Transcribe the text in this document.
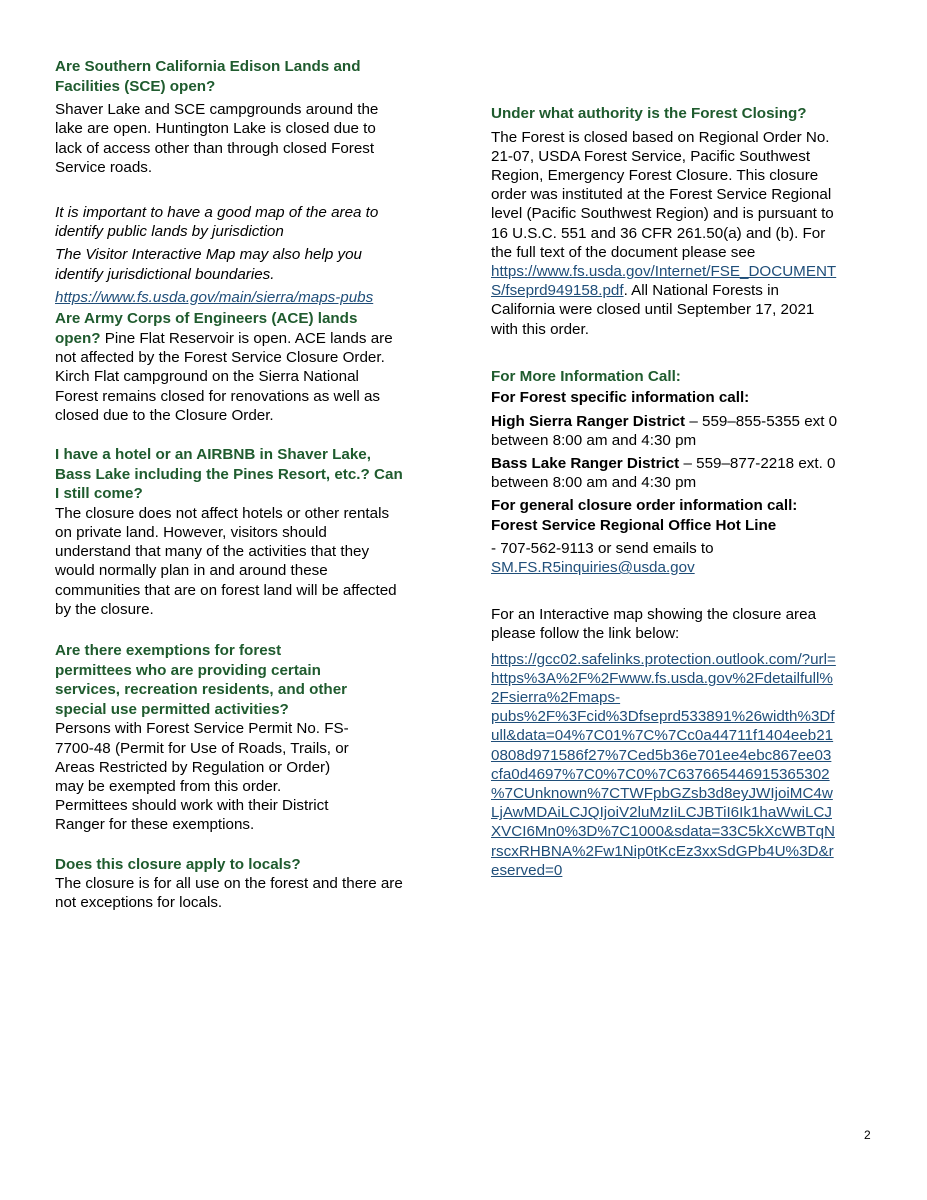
Are Southern California Edison Lands and
Facilities (SCE) open?

Shaver Lake and SCE campgrounds around the
lake are open. Huntington Lake is closed due to
lack of access other than through closed Forest
Service roads.

It is important to have a good map of the area to
identify public lands by jurisdiction

The Visitor Interactive Map may also help you
identify jurisdictional boundaries.

https://www.fs.usda.gov/main/sierra/maps-pubs

Are Army Corps of Engineers (ACE) lands
open? Pine Flat Reservoir is open. ACE lands are
not affected by the Forest Service Closure Order.
Kirch Flat campground on the Sierra National
Forest remains closed for renovations as well as
closed due to the Closure Order.

I have a hotel or an AIRBNB in Shaver Lake,
Bass Lake including the Pines Resort, etc.? Can
I still come?

The closure does not affect hotels or other rentals
on private land. However, visitors should
understand that many of the activities that they
would normally plan in and around these
communities that are on forest land will be affected
by the closure.

Are there exemptions for forest
permittees who are providing certain
services, recreation residents, and other
special use permitted activities?

Persons with Forest Service Permit No. FS-
7700-48 (Permit for Use of Roads, Trails, or
Areas Restricted by Regulation or Order)
may be exempted from this order.
Permittees should work with their District
Ranger for these exemptions.

Does this closure apply to locals?

The closure is for all use on the forest and there are
not exceptions for locals.

Under what authority is the Forest Closing?

The Forest is closed based on Regional Order No.
21-07, USDA Forest Service, Pacific Southwest
Region, Emergency Forest Closure. This closure
order was instituted at the Forest Service Regional
level (Pacific Southwest Region) and is pursuant to
16 U.S.C. 551 and 36 CFR 261.50(a) and (b). For
the full text of the document please see
https://www.fs.usda.gov/Internet/FSE_DOCUMENT
S/fseprd949158.pdf. All National Forests in
California were closed until September 17, 2021
with this order.

For More Information Call:

For Forest specific information call:

High Sierra Ranger District – 559–855-5355 ext 0
between 8:00 am and 4:30 pm

Bass Lake Ranger District – 559–877-2218 ext. 0
between 8:00 am and 4:30 pm

For general closure order information call:
Forest Service Regional Office Hot Line

- 707-562-9113 or send emails to
SM.FS.R5inquiries@usda.gov

For an Interactive map showing the closure area
please follow the link below:

https://gcc02.safelinks.protection.outlook.com/?url=
https%3A%2F%2Fwww.fs.usda.gov%2Fdetailfull%
2Fsierra%2Fmaps-
pubs%2F%3Fcid%3Dfseprd533891%26width%3Df
ull&data=04%7C01%7C%7Cc0a44711f1404eeb21
0808d971586f27%7Ced5b36e701ee4ebc867ee03
cfa0d4697%7C0%7C0%7C637665446915365302
%7CUnknown%7CTWFpbGZsb3d8eyJWIjoiMC4w
LjAwMDAiLCJQIjoiV2luMzIiLCJBTiI6Ik1haWwiLCJ
XVCI6Mn0%3D%7C1000&sdata=33C5kXcWBTqN
rscxRHBNA%2Fw1Nip0tKcEz3xxSdGPb4U%3D&r
eserved=0

2
